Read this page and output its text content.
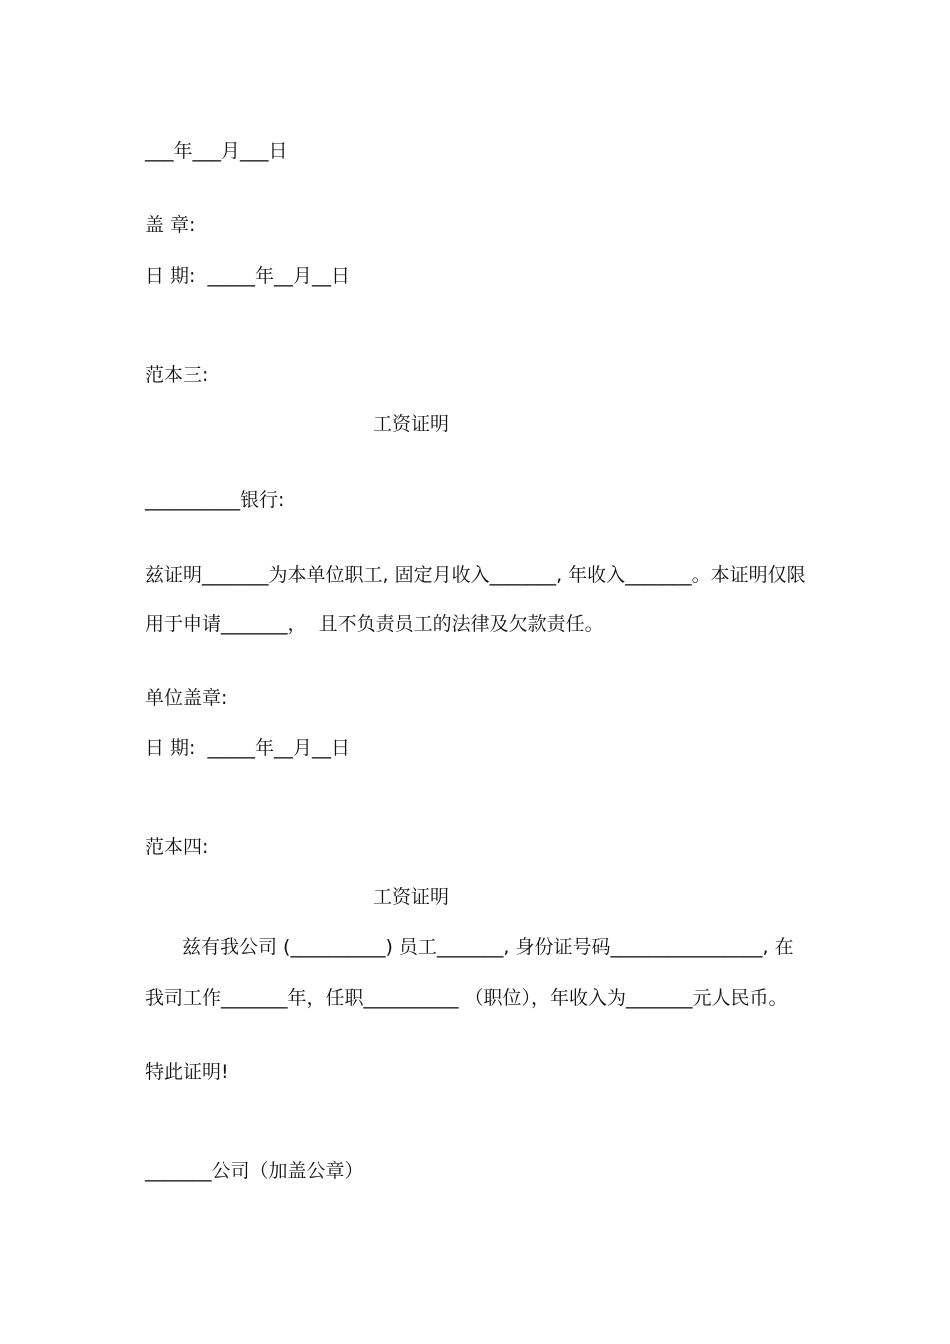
___年___月___日
盖 章:
日 期:  _____年__月__日
范本三:
工资证明
__________银行:
兹证明_______为本单位职工, 固定月收入_______, 年收入_______。本证明仅限
用于申请_______，  且不负责员工的法律及欠款责任。
单位盖章:
日 期:  _____年__月__日
范本四:
工资证明
兹有我公司 (__________) 员工_______, 身份证号码________________, 在
我司工作_______年，任职__________ （职位），年收入为_______元人民币。
特此证明!
_______公司（加盖公章）
